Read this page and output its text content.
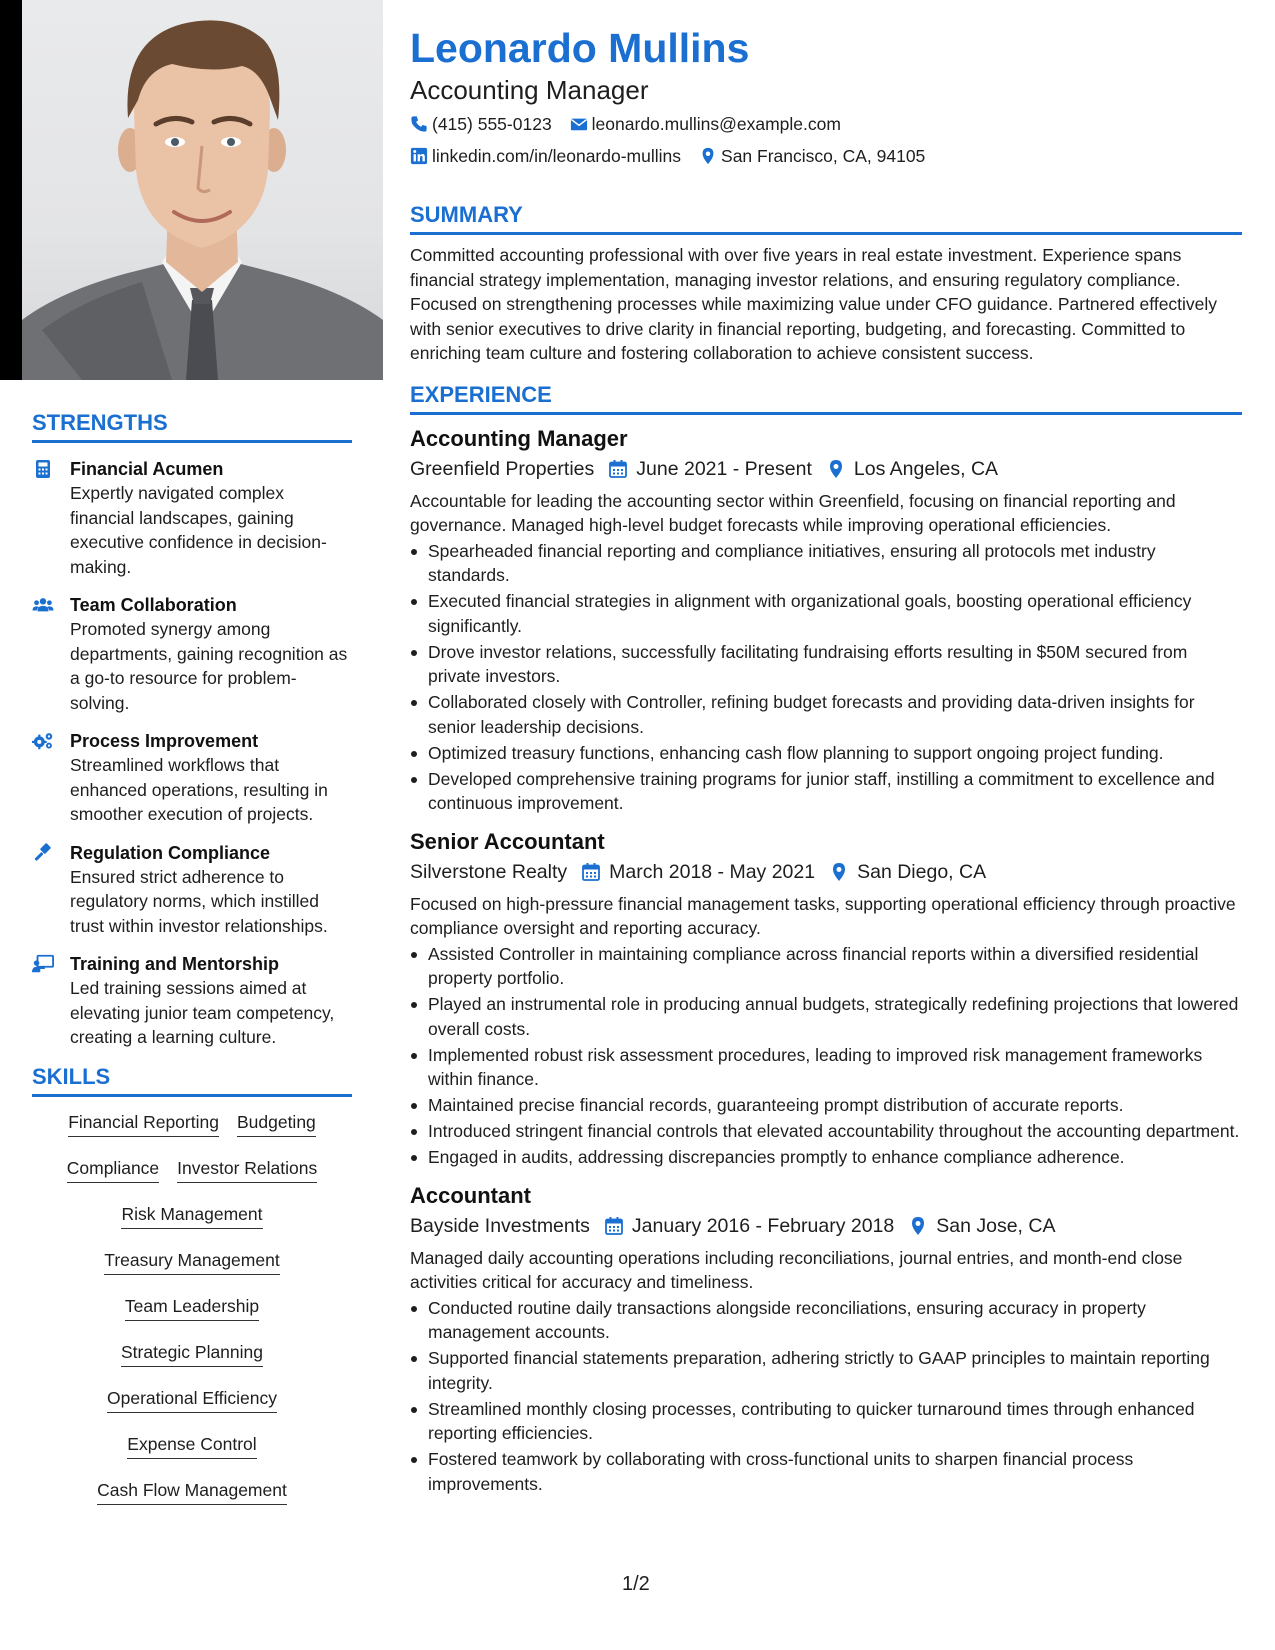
STRENGTHS
Financial Acumen
Expertly navigated complex financial landscapes, gaining executive confidence in decision-making.
Team Collaboration
Promoted synergy among departments, gaining recognition as a go-to resource for problem-solving.
Process Improvement
Streamlined workflows that enhanced operations, resulting in smoother execution of projects.
Regulation Compliance
Ensured strict adherence to regulatory norms, which instilled trust within investor relationships.
Training and Mentorship
Led training sessions aimed at elevating junior team competency, creating a learning culture.
SKILLS
Financial Reporting Budgeting
Compliance Investor Relations
Risk Management
Treasury Management
Team Leadership
Strategic Planning
Operational Efficiency
Expense Control
Cash Flow Management
Leonardo Mullins
Accounting Manager
(415) 555-0123 leonardo.mullins@example.com
linkedin.com/in/leonardo-mullins San Francisco, CA, 94105
SUMMARY
Committed accounting professional with over five years in real estate investment. Experience spans financial strategy implementation, managing investor relations, and ensuring regulatory compliance. Focused on strengthening processes while maximizing value under CFO guidance. Partnered effectively with senior executives to drive clarity in financial reporting, budgeting, and forecasting. Committed to enriching team culture and fostering collaboration to achieve consistent success.
EXPERIENCE
Accounting Manager
Greenfield Properties June 2021 - Present Los Angeles, CA
Accountable for leading the accounting sector within Greenfield, focusing on financial reporting and governance. Managed high-level budget forecasts while improving operational efficiencies.
Spearheaded financial reporting and compliance initiatives, ensuring all protocols met industry standards.
Executed financial strategies in alignment with organizational goals, boosting operational efficiency significantly.
Drove investor relations, successfully facilitating fundraising efforts resulting in $50M secured from private investors.
Collaborated closely with Controller, refining budget forecasts and providing data-driven insights for senior leadership decisions.
Optimized treasury functions, enhancing cash flow planning to support ongoing project funding.
Developed comprehensive training programs for junior staff, instilling a commitment to excellence and continuous improvement.
Senior Accountant
Silverstone Realty March 2018 - May 2021 San Diego, CA
Focused on high-pressure financial management tasks, supporting operational efficiency through proactive compliance oversight and reporting accuracy.
Assisted Controller in maintaining compliance across financial reports within a diversified residential property portfolio.
Played an instrumental role in producing annual budgets, strategically redefining projections that lowered overall costs.
Implemented robust risk assessment procedures, leading to improved risk management frameworks within finance.
Maintained precise financial records, guaranteeing prompt distribution of accurate reports.
Introduced stringent financial controls that elevated accountability throughout the accounting department.
Engaged in audits, addressing discrepancies promptly to enhance compliance adherence.
Accountant
Bayside Investments January 2016 - February 2018 San Jose, CA
Managed daily accounting operations including reconciliations, journal entries, and month-end close activities critical for accuracy and timeliness.
Conducted routine daily transactions alongside reconciliations, ensuring accuracy in property management accounts.
Supported financial statements preparation, adhering strictly to GAAP principles to maintain reporting integrity.
Streamlined monthly closing processes, contributing to quicker turnaround times through enhanced reporting efficiencies.
Fostered teamwork by collaborating with cross-functional units to sharpen financial process improvements.
1/2
